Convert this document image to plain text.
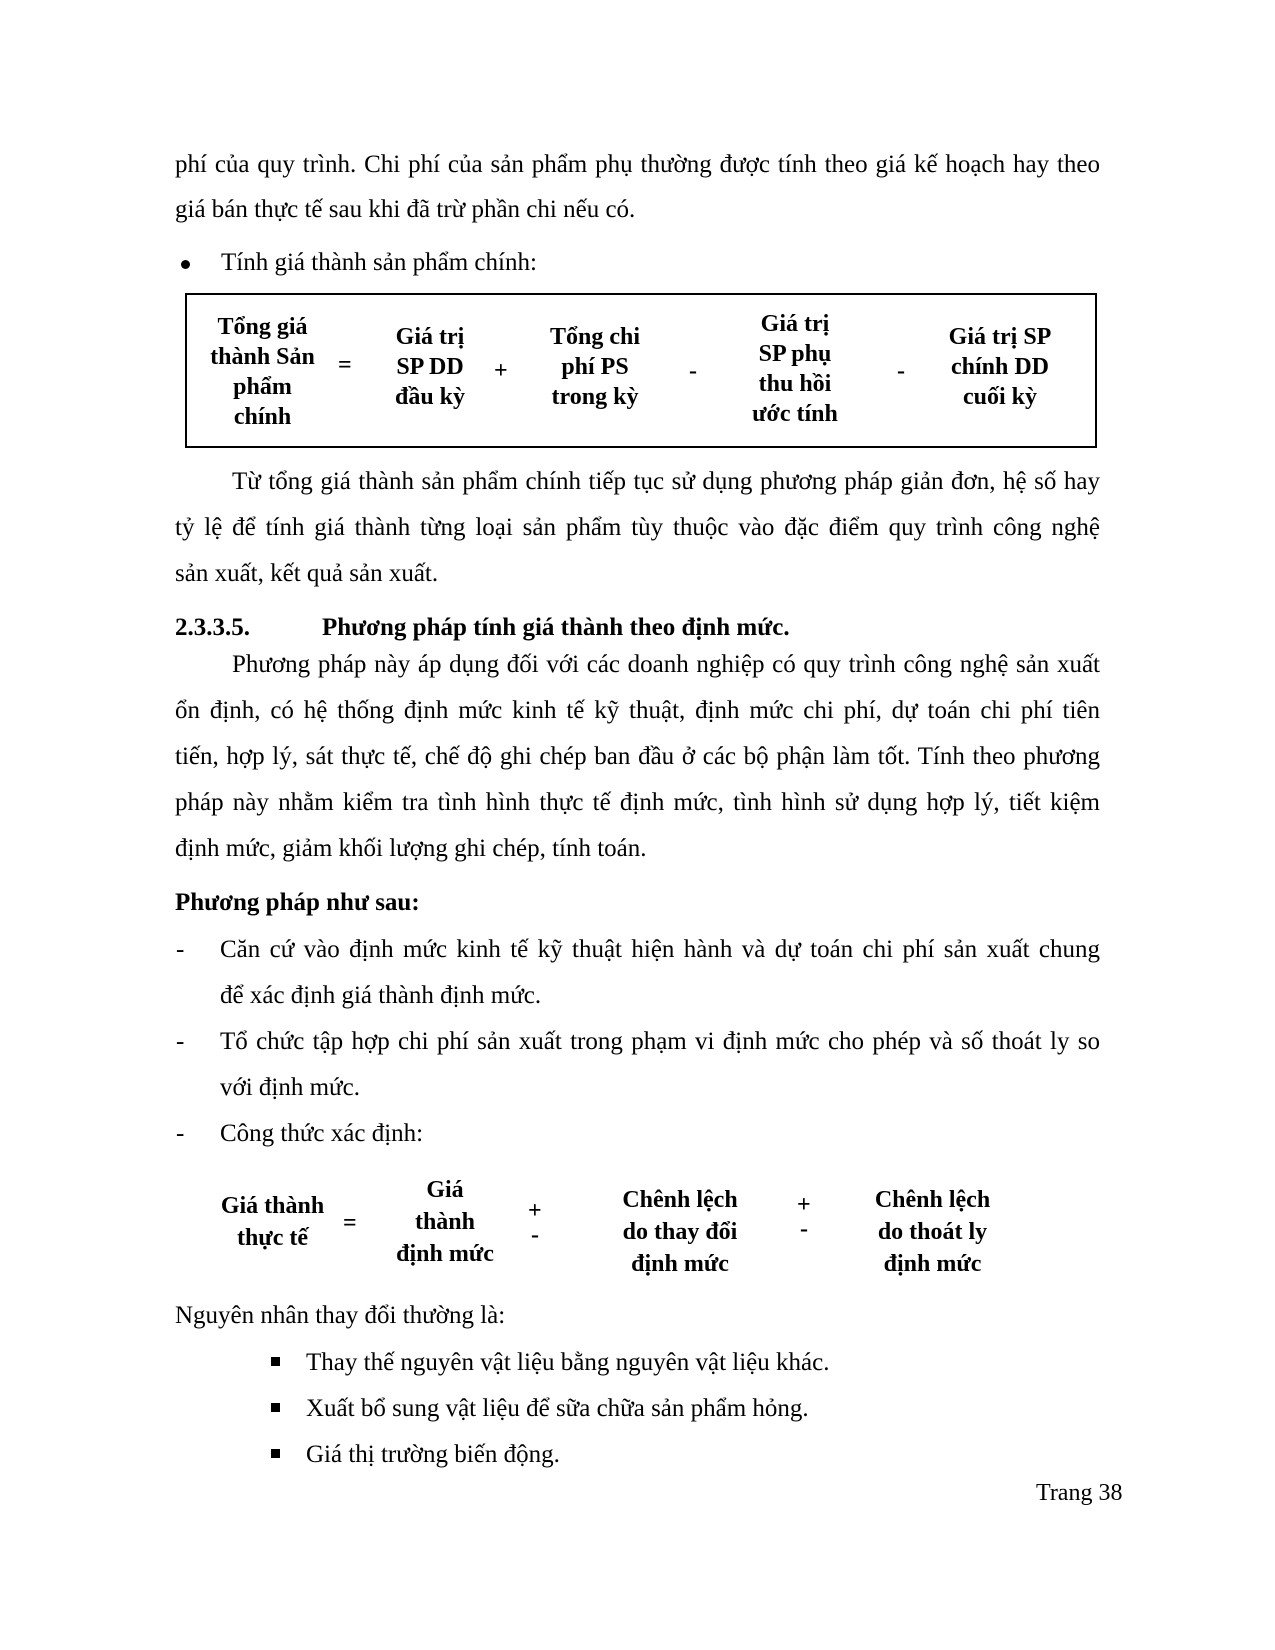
phí của quy trình. Chi phí của sản phẩm phụ thường được tính theo giá kế hoạch hay theo
giá bán thực tế sau khi đã trừ phần chi nếu có.
Tính giá thành sản phẩm chính:
Tổng giá
thành Sản
phẩm
chính
=
Giá trị
SP DD
đầu kỳ
+
Tổng chi
phí PS
trong kỳ
-
Giá trị
SP phụ
thu hồi
ước tính
-
Giá trị SP
chính DD
cuối kỳ
Từ tổng giá thành sản phẩm chính tiếp tục sử dụng phương pháp giản đơn, hệ số hay
tỷ lệ để tính giá thành từng loại sản phẩm tùy thuộc vào đặc điểm quy trình công nghệ
sản xuất, kết quả sản xuất.
2.3.3.5.	Phương pháp tính giá thành theo định mức.
Phương pháp này áp dụng đối với các doanh nghiệp có quy trình công nghệ sản xuất
ổn định, có hệ thống định mức kinh tế kỹ thuật, định mức chi phí, dự toán chi phí tiên
tiến, hợp lý, sát thực tế, chế độ ghi chép ban đầu ở các bộ phận làm tốt. Tính theo phương
pháp này nhằm kiểm tra tình hình thực tế định mức, tình hình sử dụng hợp lý, tiết kiệm
định mức, giảm khối lượng ghi chép, tính toán.
Phương pháp như sau:
- Căn cứ vào định mức kinh tế kỹ thuật hiện hành và dự toán chi phí sản xuất chung
để xác định giá thành định mức.
- Tổ chức tập hợp chi phí sản xuất trong phạm vi định mức cho phép và số thoát ly so
với định mức.
- Công thức xác định:
Giá thành
thực tế
=
Giá
thành
định mức
+
-
Chênh lệch
do thay đổi
định mức
+
-
Chênh lệch
do thoát ly
định mức
Nguyên nhân thay đổi thường là:
Thay thế nguyên vật liệu bằng nguyên vật liệu khác.
Xuất bổ sung vật liệu để sữa chữa sản phẩm hỏng.
Giá thị trường biến động.
Trang 38
